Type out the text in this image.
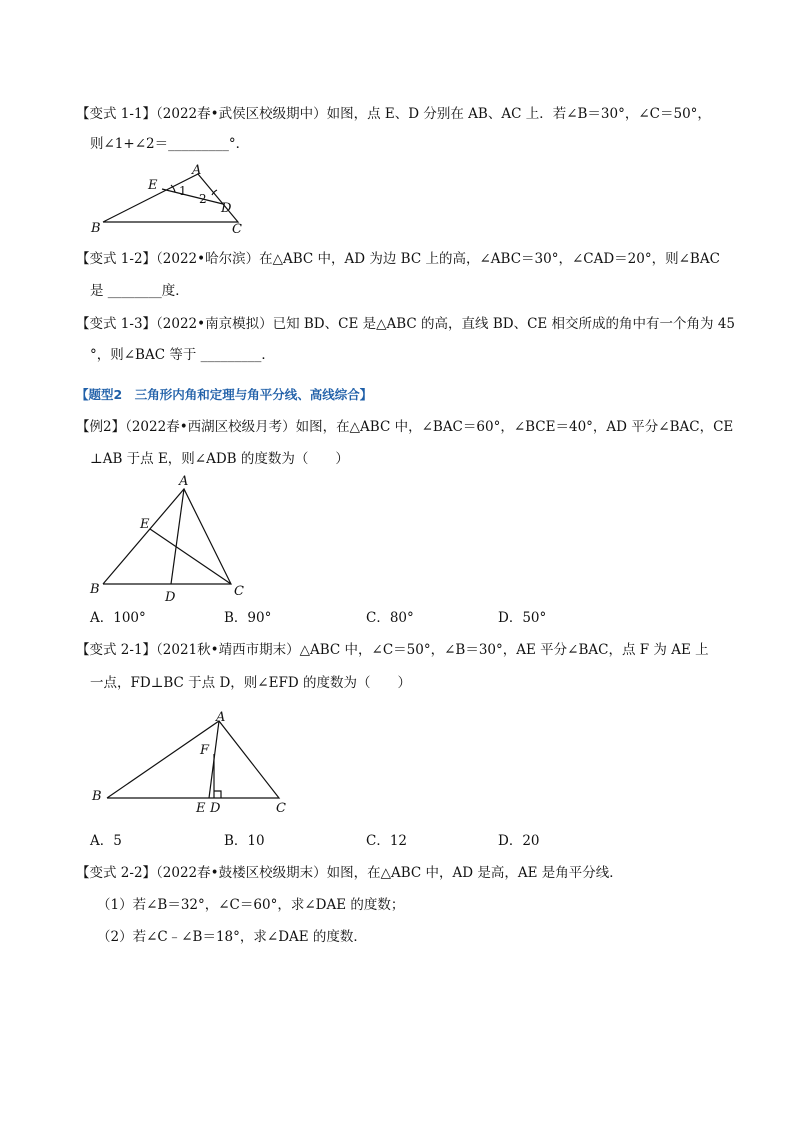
【变式 1-1】（2022春•武侯区校级期中）如图，点 E、D 分别在 AB、AC 上．若∠B＝30°，∠C＝50°，
则∠1+∠2＝_________°．
A
B	C
D
E 1
2
【变式 1-2】（2022•哈尔滨）在△ABC 中，AD 为边 BC 上的高，∠ABC＝30°，∠CAD＝20°，则∠BAC
是 ________度．
【变式 1-3】（2022•南京模拟）已知 BD、CE 是△ABC 的高，直线 BD、CE 相交所成的角中有一个角为 45
°，则∠BAC 等于 _________．
【题型2　三角形内角和定理与角平分线、高线综合】
【例2】（2022春•西湖区校级月考）如图，在△ABC 中，∠BAC＝60°，∠BCE＝40°，AD 平分∠BAC，CE
⊥AB 于点 E，则∠ADB 的度数为（　　）
A
B	C
D
E
A．100°	B．90°	C．80°	D．50°
【变式 2-1】（2021秋•靖西市期末）△ABC 中，∠C＝50°，∠B＝30°，AE 平分∠BAC，点 F 为 AE 上
一点，FD⊥BC 于点 D，则∠EFD 的度数为（　　）
A
B
C
D
E
F
A．5	B．10	C．12	D．20
【变式 2-2】（2022春•鼓楼区校级期末）如图，在△ABC 中，AD 是高，AE 是角平分线．
（1）若∠B＝32°，∠C＝60°，求∠DAE 的度数；
（2）若∠C﹣∠B＝18°，求∠DAE 的度数．
